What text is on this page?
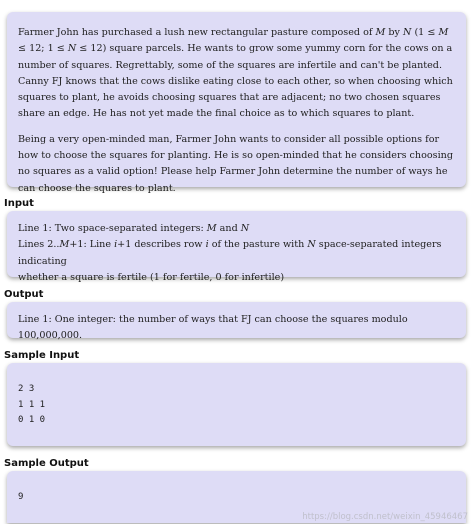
Farmer John has purchased a lush new rectangular pasture composed of M by N (1 ≤ M ≤ 12; 1 ≤ N ≤ 12) square parcels. He wants to grow some yummy corn for the cows on a number of squares. Regrettably, some of the squares are infertile and can't be planted. Canny FJ knows that the cows dislike eating close to each other, so when choosing which squares to plant, he avoids choosing squares that are adjacent; no two chosen squares share an edge. He has not yet made the final choice as to which squares to plant.

Being a very open-minded man, Farmer John wants to consider all possible options for how to choose the squares for planting. He is so open-minded that he considers choosing no squares as a valid option! Please help Farmer John determine the number of ways he can choose the squares to plant.

Input

Line 1: Two space-separated integers: M and N

Lines 2..M+1: Line i+1 describes row i of the pasture with N space-separated integers indicating

whether a square is fertile (1 for fertile, 0 for infertile)

Output

Line 1: One integer: the number of ways that FJ can choose the squares modulo 100,000,000.

Sample Input
2 3
1 1 1
0 1 0
Sample Output
9
https://blog.csdn.net/weixin_45946467
